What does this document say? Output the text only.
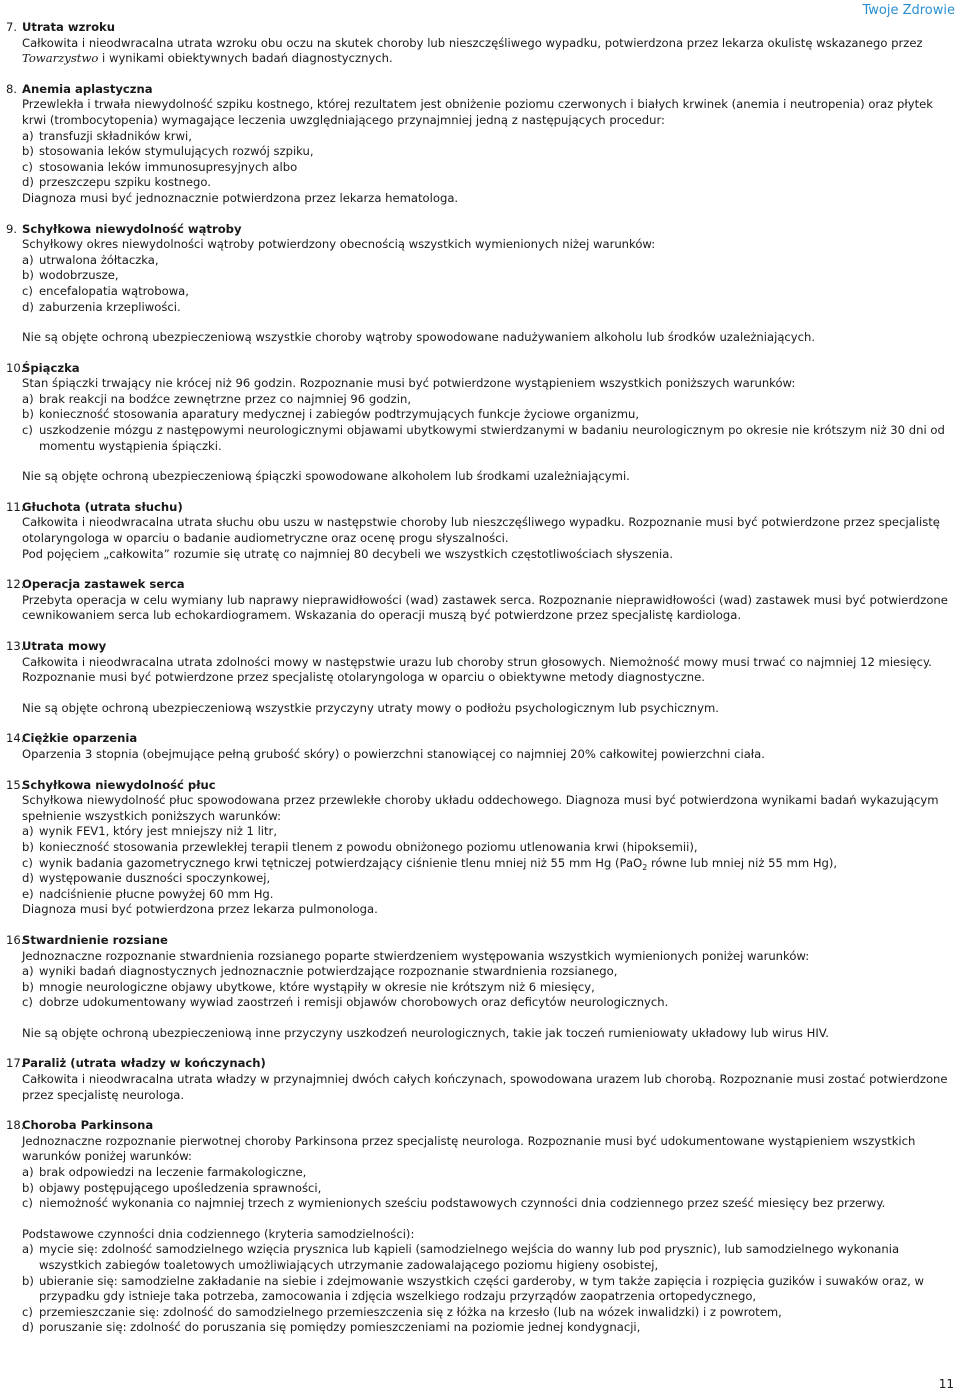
Twoje Zdrowie
7. Utrata wzroku

Całkowita i nieodwracalna utrata wzroku obu oczu na skutek choroby lub nieszczęśliwego wypadku, potwierdzona przez lekarza okulistę wskazanego przez Towarzystwo i wynikami obiektywnych badań diagnostycznych.

8. Anemia aplastyczna

Przewlekła i trwała niewydolność szpiku kostnego, której rezultatem jest obniżenie poziomu czerwonych i białych krwinek (anemia i neutropenia) oraz płytek krwi (trombocytopenia) wymagające leczenia uwzględniającego przynajmniej jedną z następujących procedur:

a) transfuzji składników krwi,
b) stosowania leków stymulujących rozwój szpiku,
c) stosowania leków immunosupresyjnych albo
d) przeszczepu szpiku kostnego.

Diagnoza musi być jednoznacznie potwierdzona przez lekarza hematologa.

9. Schyłkowa niewydolność wątroby

Schyłkowy okres niewydolności wątroby potwierdzony obecnością wszystkich wymienionych niżej warunków:

a) utrwalona żółtaczka,
b) wodobrzusze,
c) encefalopatia wątrobowa,
d) zaburzenia krzepliwości.

Nie są objęte ochroną ubezpieczeniową wszystkie choroby wątroby spowodowane nadużywaniem alkoholu lub środków uzależniających.

10.
Śpiączka

Stan śpiączki trwający nie krócej niż 96 godzin. Rozpoznanie musi być potwierdzone wystąpieniem wszystkich poniższych warunków:

a) brak reakcji na bodźce zewnętrzne przez co najmniej 96 godzin,
b) konieczność stosowania aparatury medycznej i zabiegów podtrzymujących funkcje życiowe organizmu,
c) uszkodzenie mózgu z następowymi neurologicznymi objawami ubytkowymi stwierdzanymi w badaniu neurologicznym po okresie nie krótszym niż 30 dni od momentu wystąpienia śpiączki.

Nie są objęte ochroną ubezpieczeniową śpiączki spowodowane alkoholem lub środkami uzależniającymi.

11.
Głuchota (utrata słuchu)

Całkowita i nieodwracalna utrata słuchu obu uszu w następstwie choroby lub nieszczęśliwego wypadku. Rozpoznanie musi być potwierdzone przez specjalistę otolaryngologa w oparciu o badanie audiometryczne oraz ocenę progu słyszalności.

Pod pojęciem „całkowita” rozumie się utratę co najmniej 80 decybeli we wszystkich częstotliwościach słyszenia.

12.
Operacja zastawek serca

Przebyta operacja w celu wymiany lub naprawy nieprawidłowości (wad) zastawek serca. Rozpoznanie nieprawidłowości (wad) zastawek musi być potwierdzone cewnikowaniem serca lub echokardiogramem. Wskazania do operacji muszą być potwierdzone przez specjalistę kardiologa.

13.
Utrata mowy

Całkowita i nieodwracalna utrata zdolności mowy w następstwie urazu lub choroby strun głosowych. Niemożność mowy musi trwać co najmniej 12 miesięcy. Rozpoznanie musi być potwierdzone przez specjalistę otolaryngologa w oparciu o obiektywne metody diagnostyczne.

Nie są objęte ochroną ubezpieczeniową wszystkie przyczyny utraty mowy o podłożu psychologicznym lub psychicznym.

14.
Ciężkie oparzenia

Oparzenia 3 stopnia (obejmujące pełną grubość skóry) o powierzchni stanowiącej co najmniej 20% całkowitej powierzchni ciała.

15.
Schyłkowa niewydolność płuc

Schyłkowa niewydolność płuc spowodowana przez przewlekłe choroby układu oddechowego. Diagnoza musi być potwierdzona wynikami badań wykazującym spełnienie wszystkich poniższych warunków:

a) wynik FEV1, który jest mniejszy niż 1 litr,
b) konieczność stosowania przewlekłej terapii tlenem z powodu obniżonego poziomu utlenowania krwi (hipoksemii),
c) wynik badania gazometrycznego krwi tętniczej potwierdzający ciśnienie tlenu mniej niż 55 mm Hg (PaO$_2$ równe lub mniej niż 55 mm Hg),
d) występowanie duszności spoczynkowej,
e) nadciśnienie płucne powyżej 60 mm Hg.

Diagnoza musi być potwierdzona przez lekarza pulmonologa.

16.
Stwardnienie rozsiane

Jednoznaczne rozpoznanie stwardnienia rozsianego poparte stwierdzeniem występowania wszystkich wymienionych poniżej warunków:

a) wyniki badań diagnostycznych jednoznacznie potwierdzające rozpoznanie stwardnienia rozsianego,
b) mnogie neurologiczne objawy ubytkowe, które wystąpiły w okresie nie krótszym niż 6 miesięcy,
c) dobrze udokumentowany wywiad zaostrzeń i remisji objawów chorobowych oraz deficytów neurologicznych.

Nie są objęte ochroną ubezpieczeniową inne przyczyny uszkodzeń neurologicznych, takie jak toczeń rumieniowaty układowy lub wirus HIV.

17.
Paraliż (utrata władzy w kończynach)

Całkowita i nieodwracalna utrata władzy w przynajmniej dwóch całych kończynach, spowodowana urazem lub chorobą. Rozpoznanie musi zostać potwierdzone przez specjalistę neurologa.

18.
Choroba Parkinsona

Jednoznaczne rozpoznanie pierwotnej choroby Parkinsona przez specjalistę neurologa. Rozpoznanie musi być udokumentowane wystąpieniem wszystkich warunków poniżej warunków:

a) brak odpowiedzi na leczenie farmakologiczne,
b) objawy postępującego upośledzenia sprawności,
c) niemożność wykonania co najmniej trzech z wymienionych sześciu podstawowych czynności dnia codziennego przez sześć miesięcy bez przerwy.

Podstawowe czynności dnia codziennego (kryteria samodzielności):

a) mycie się: zdolność samodzielnego wzięcia prysznica lub kąpieli (samodzielnego wejścia do wanny lub pod prysznic), lub samodzielnego wykonania wszystkich zabiegów toaletowych umożliwiających utrzymanie zadowalającego poziomu higieny osobistej,
b) ubieranie się: samodzielne zakładanie na siebie i zdejmowanie wszystkich części garderoby, w tym także zapięcia i rozpięcia guzików i suwaków oraz, w przypadku gdy istnieje taka potrzeba, zamocowania i zdjęcia wszelkiego rodzaju przyrządów zaopatrzenia ortopedycznego,
c) przemieszczanie się: zdolność do samodzielnego przemieszczenia się z łóżka na krzesło (lub na wózek inwalidzki) i z powrotem,
d) poruszanie się: zdolność do poruszania się pomiędzy pomieszczeniami na poziomie jednej kondygnacji,
11
